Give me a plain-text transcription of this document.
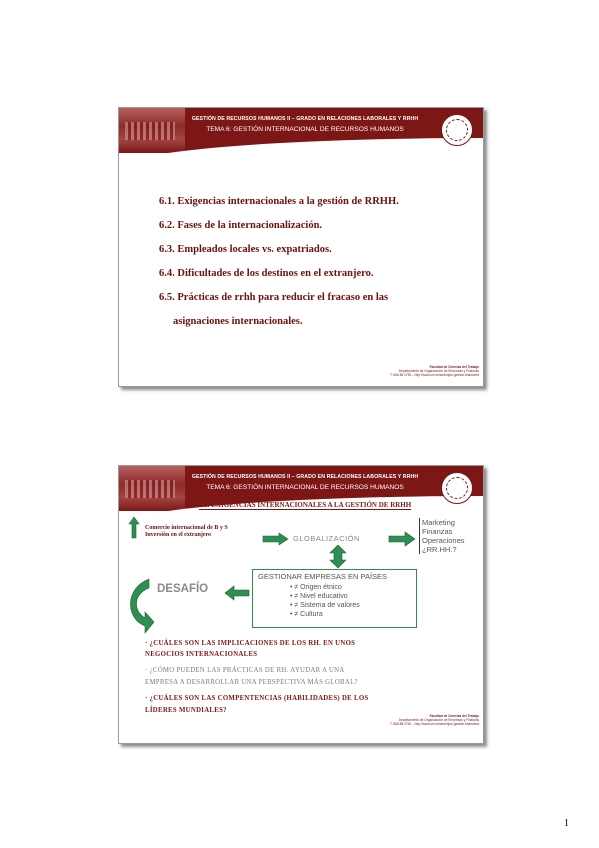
GESTIÓN DE RECURSOS HUMANOS II – GRADO EN RELACIONES LABORALES Y RRHH
TEMA 6: GESTIÓN INTERNACIONAL DE RECURSOS HUMANOS
6.1. Exigencias internacionales a la gestión de RRHH.
6.2. Fases de la internacionalización.
6.3. Empleados locales vs. expatriados.
6.4. Dificultades de los destinos en el extranjero.
6.5. Prácticas de rrhh para reducir el fracaso en las
asignaciones internacionales.
Facultad de Ciencias del Trabajo
Departamento de Organización de Empresas y Finanzas
T: 868 88 3750 – http://www.um.es/web/dpto-gestion-financiera
GESTIÓN DE RECURSOS HUMANOS II – GRADO EN RELACIONES LABORALES Y RRHH
TEMA 6: GESTIÓN INTERNACIONAL DE RECURSOS HUMANOS
6.1. EXIGENCIAS INTERNACIONALES A LA GESTIÓN DE RRHH
Comercio internacional de B y S
Inversión en el extranjero	GLOBALIZACIÓN
Marketing
Finanzas
Operaciones
¿RR.HH.?
DESAFÍO
GESTIONAR EMPRESAS EN PAÍSES
• ≠ Origen étnico
• ≠ Nivel educativo
• ≠ Sistema de valores
• ≠ Cultura
· ¿CUÁLES SON LAS IMPLICACIONES DE LOS RH. EN UNOS
NEGOCIOS INTERNACIONALES
· ¿CÓMO PUEDEN LAS PRÁCTICAS DE RH. AYUDAR A UNA
EMPRESA A DESARROLLAR UNA PERSPECTIVA MÁS GLOBAL?
· ¿CUÁLES SON LAS COMPENTENCIAS (HABILIDADES) DE LOS
LÍDERES MUNDIALES?
Facultad de Ciencias del Trabajo
Departamento de Organización de Empresas y Finanzas
T: 868 88 3750 – http://www.um.es/web/dpto-gestion-financiera
1
